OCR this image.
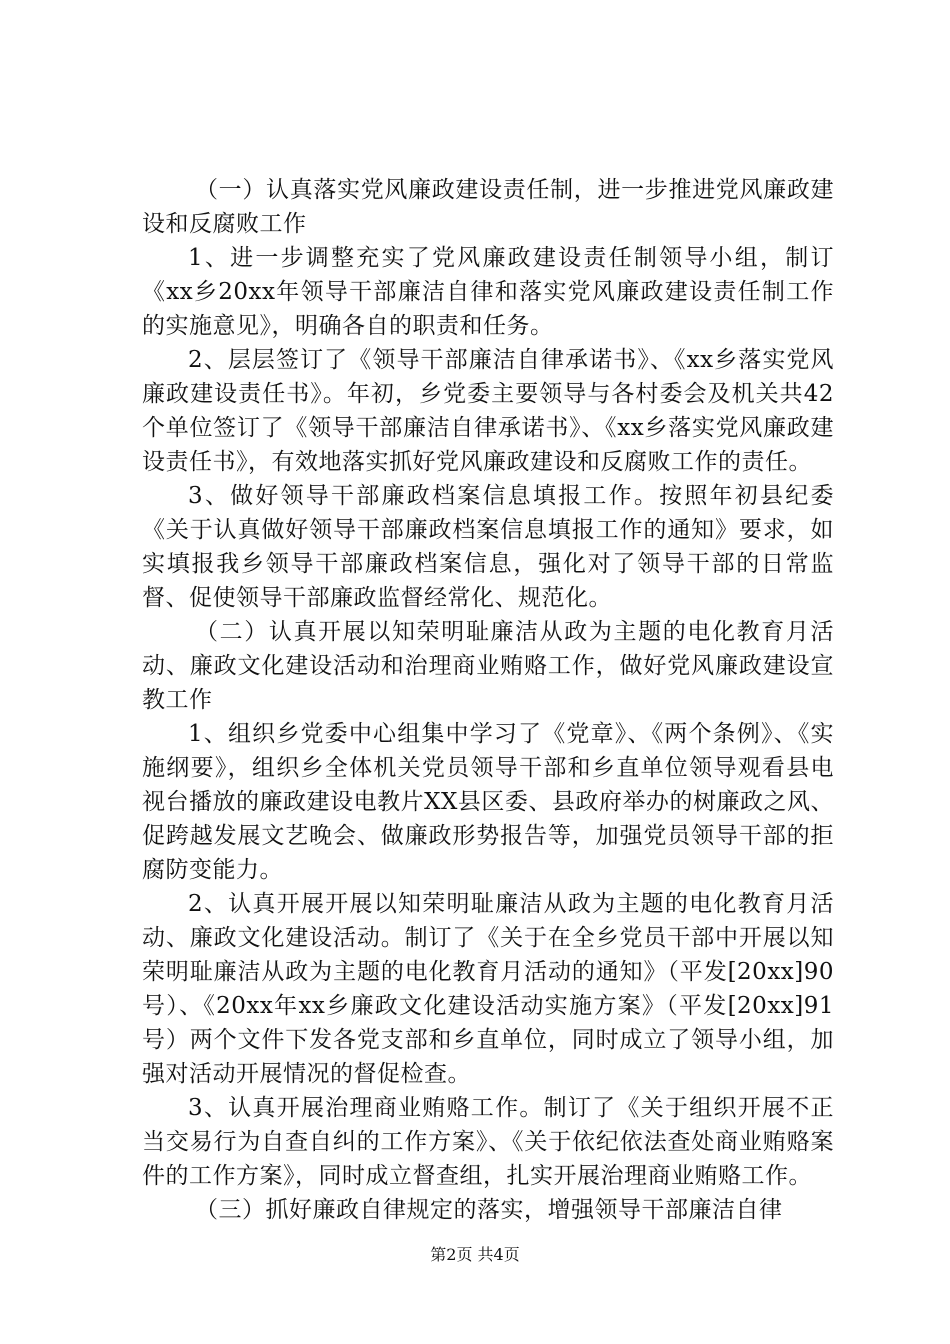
（一）认真落实党风廉政建设责任制，进一步推进党风廉政建设和反腐败工作

1、进一步调整充实了党风廉政建设责任制领导小组，制订《xx乡20xx年领导干部廉洁自律和落实党风廉政建设责任制工作的实施意见》，明确各自的职责和任务。

2、层层签订了《领导干部廉洁自律承诺书》、《xx乡落实党风廉政建设责任书》。年初，乡党委主要领导与各村委会及机关共42个单位签订了《领导干部廉洁自律承诺书》、《xx乡落实党风廉政建设责任书》，有效地落实抓好党风廉政建设和反腐败工作的责任。

3、做好领导干部廉政档案信息填报工作。按照年初县纪委《关于认真做好领导干部廉政档案信息填报工作的通知》要求，如实填报我乡领导干部廉政档案信息，强化对了领导干部的日常监督、促使领导干部廉政监督经常化、规范化。

（二）认真开展以知荣明耻廉洁从政为主题的电化教育月活动、廉政文化建设活动和治理商业贿赂工作，做好党风廉政建设宣教工作

1、组织乡党委中心组集中学习了《党章》、《两个条例》、《实施纲要》，组织乡全体机关党员领导干部和乡直单位领导观看县电视台播放的廉政建设电教片XX县区委、县政府举办的树廉政之风、促跨越发展文艺晚会、做廉政形势报告等，加强党员领导干部的拒腐防变能力。

2、认真开展开展以知荣明耻廉洁从政为主题的电化教育月活动、廉政文化建设活动。制订了《关于在全乡党员干部中开展以知荣明耻廉洁从政为主题的电化教育月活动的通知》（平发[20xx]90号）、《20xx年xx乡廉政文化建设活动实施方案》（平发[20xx]91号）两个文件下发各党支部和乡直单位，同时成立了领导小组，加强对活动开展情况的督促检查。

3、认真开展治理商业贿赂工作。制订了《关于组织开展不正当交易行为自查自纠的工作方案》、《关于依纪依法查处商业贿赂案件的工作方案》，同时成立督查组，扎实开展治理商业贿赂工作。

（三）抓好廉政自律规定的落实，增强领导干部廉洁自律

第2页 共4页
